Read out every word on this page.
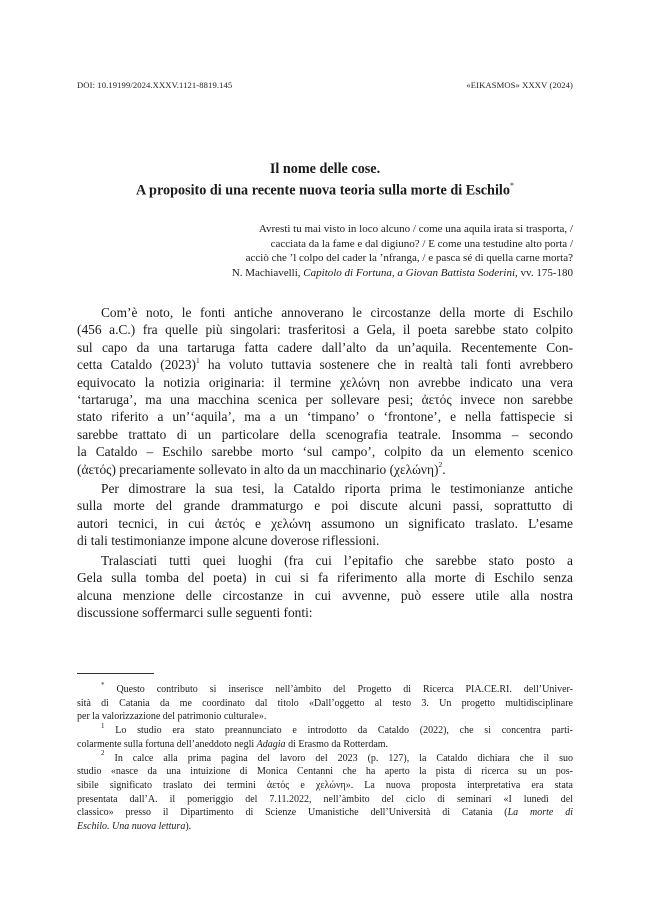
DOI: 10.19199/2024.XXXV.1121-8819.145	«EIKASMOS» XXXV (2024)
Il nome delle cose.
A proposito di una recente nuova teoria sulla morte di Eschilo*
Avresti tu mai visto in loco alcuno / come una aquila irata si trasporta, /
cacciata da la fame e dal digiuno? / E come una testudine alto porta /
acciò che ’l colpo del cader la ’nfranga, / e pasca sé di quella carne morta?
N. Machiavelli, Capitolo di Fortuna, a Giovan Battista Soderini, vv. 175-180
Com’è noto, le fonti antiche annoverano le circostanze della morte di Eschilo
(456 a.C.) fra quelle più singolari: trasferitosi a Gela, il poeta sarebbe stato colpito
sul capo da una tartaruga fatta cadere dall’alto da un’aquila. Recentemente Con-
cetta Cataldo (2023)$^1$ ha voluto tuttavia sostenere che in realtà tali fonti avrebbero
equivocato la notizia originaria: il termine χελώνη non avrebbe indicato una vera
‘tartaruga’, ma una macchina scenica per sollevare pesi; ἀετός invece non sarebbe
stato riferito a un’‘aquila’, ma a un ‘timpano’ o ‘frontone’, e nella fattispecie si
sarebbe trattato di un particolare della scenografia teatrale. Insomma – secondo
la Cataldo – Eschilo sarebbe morto ‘sul campo’, colpito da un elemento scenico
(ἀετός) precariamente sollevato in alto da un macchinario (χελώνη)$^2$.
Per dimostrare la sua tesi, la Cataldo riporta prima le testimonianze antiche
sulla morte del grande drammaturgo e poi discute alcuni passi, soprattutto di
autori tecnici, in cui ἀετός e χελώνη assumono un significato traslato. L’esame
di tali testimonianze impone alcune doverose riflessioni.
Tralasciati tutti quei luoghi (fra cui l’epitafio che sarebbe stato posto a
Gela sulla tomba del poeta) in cui si fa riferimento alla morte di Eschilo senza
alcuna menzione delle circostanze in cui avvenne, può essere utile alla nostra
discussione soffermarci sulle seguenti fonti:
* Questo contributo si inserisce nell’àmbito del Progetto di Ricerca PIA.CE.RI. dell’Univer-
sità di Catania da me coordinato dal titolo «Dall’oggetto al testo 3. Un progetto multidisciplinare
per la valorizzazione del patrimonio culturale».
$^1$ Lo studio era stato preannunciato e introdotto da Cataldo (2022), che si concentra parti-
colarmente sulla fortuna dell’aneddoto negli Adagia di Erasmo da Rotterdam.
$^2$ In calce alla prima pagina del lavoro del 2023 (p. 127), la Cataldo dichiara che il suo
studio «nasce da una intuizione di Monica Centanni che ha aperto la pista di ricerca su un pos-
sibile significato traslato dei termini ἀετός e χελώνη». La nuova proposta interpretativa era stata
presentata dall’A. il pomeriggio del 7.11.2022, nell’àmbito del ciclo di seminari «I lunedì del
classico» presso il Dipartimento di Scienze Umanistiche dell’Università di Catania (La morte di
Eschilo. Una nuova lettura).
